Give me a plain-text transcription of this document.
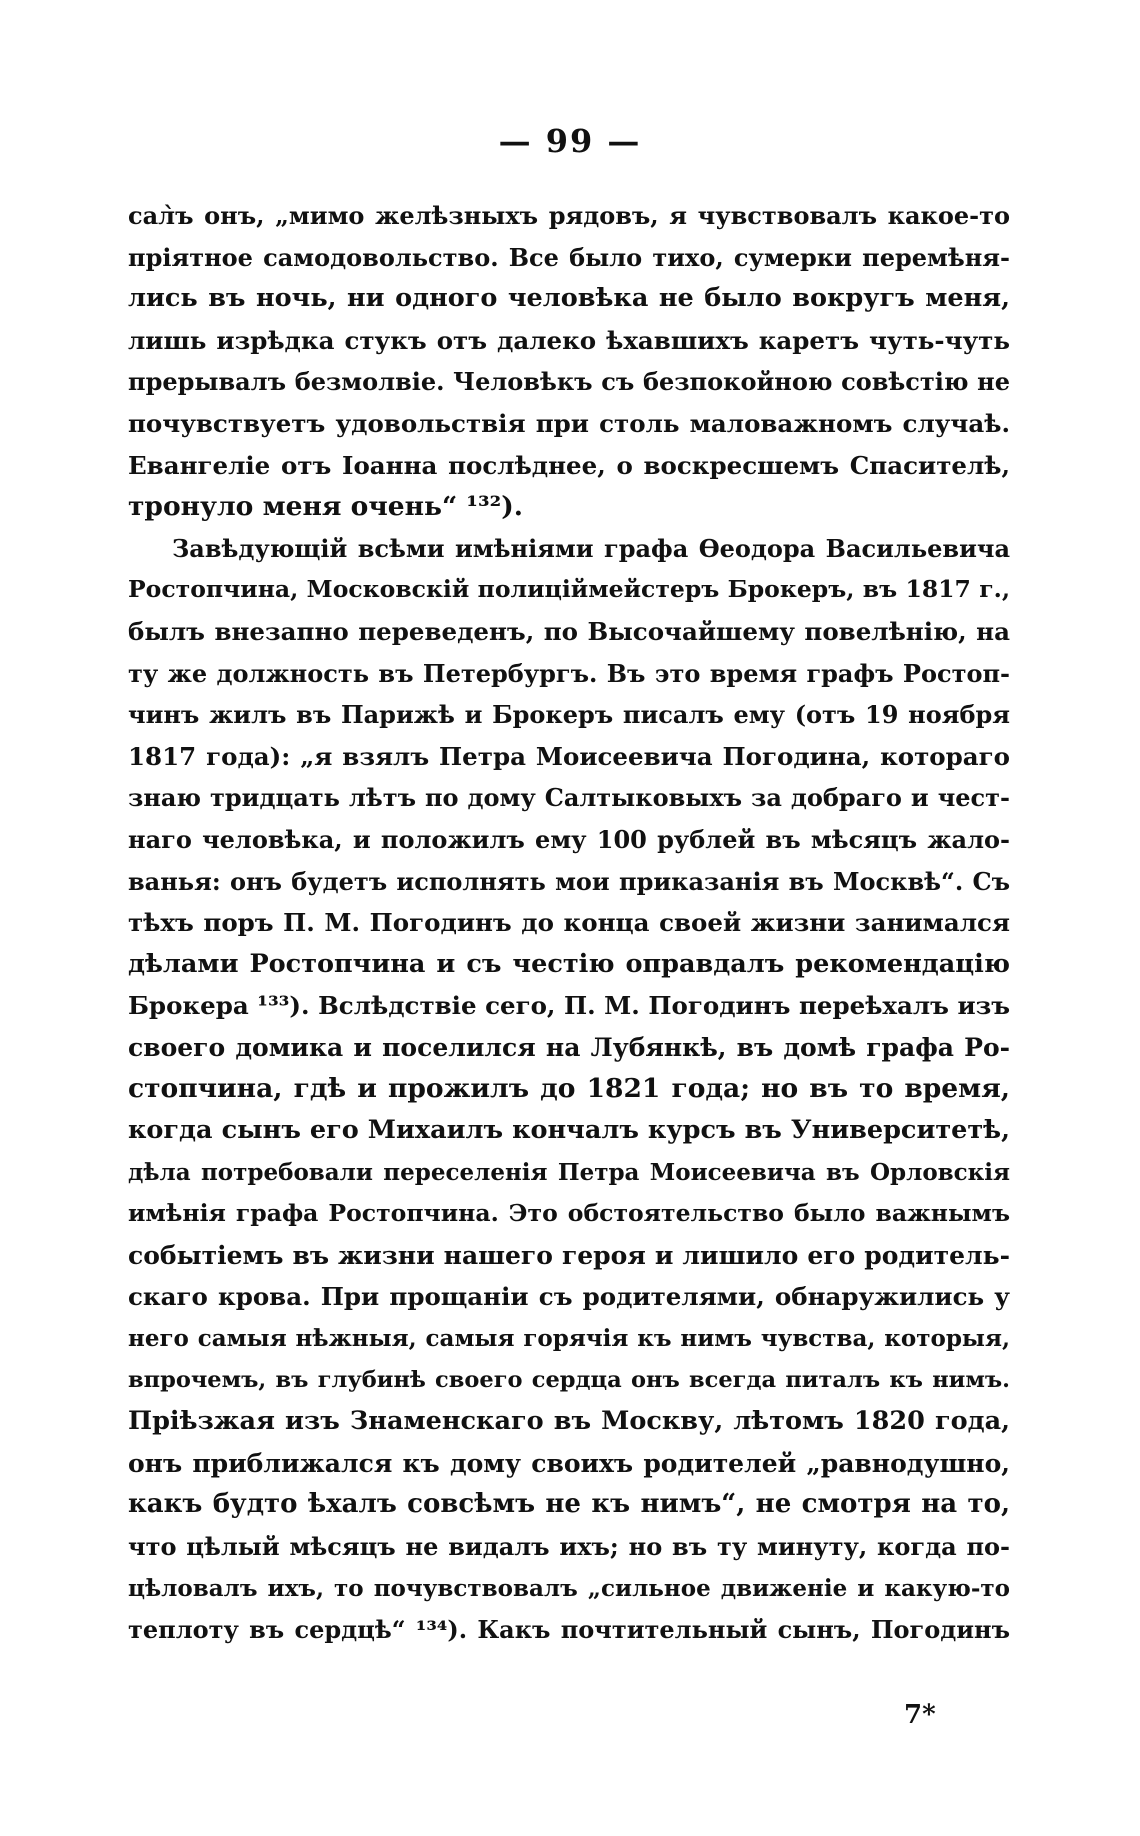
— 99 —
сал̀ъ онъ, „мимо желѣзныхъ рядовъ, я чувствовалъ какое-то
пріятное самодовольство. Все было тихо, сумерки перемѣня-
лись въ ночь, ни одного человѣка не было вокругъ меня,
лишь изрѣдка стукъ отъ далеко ѣхавшихъ каретъ чуть-чуть
прерывалъ безмолвіе. Человѣкъ съ безпокойною совѣстію не
почувствуетъ удовольствія при столь маловажномъ случаѣ.
Евангеліе отъ Іоанна послѣднее, о воскресшемъ Спасителѣ,
тронуло меня очень“ ¹³²).
Завѣдующій всѣми имѣніями графа Ѳеодора Васильевича
Ростопчина, Московскій полиціймейстеръ Брокеръ, въ 1817 г.,
былъ внезапно переведенъ, по Высочайшему повелѣнію, на
ту же должность въ Петербургъ. Въ это время графъ Ростоп-
чинъ жилъ въ Парижѣ и Брокеръ писалъ ему (отъ 19 ноября
1817 года): „я взялъ Петра Моисеевича Погодина, котораго
знаю тридцать лѣтъ по дому Салтыковыхъ за добраго и чест-
наго человѣка, и положилъ ему 100 рублей въ мѣсяцъ жало-
ванья: онъ будетъ исполнять мои приказанія въ Москвѣ“. Съ
тѣхъ поръ П. М. Погодинъ до конца своей жизни занимался
дѣлами Ростопчина и съ честію оправдалъ рекомендацію
Брокера ¹³³). Вслѣдствіе сего, П. М. Погодинъ переѣхалъ изъ
своего домика и поселился на Лубянкѣ, въ домѣ графа Ро-
стопчина, гдѣ и прожилъ до 1821 года; но въ то время,
когда сынъ его Михаилъ кончалъ курсъ въ Университетѣ,
дѣла потребовали переселенія Петра Моисеевича въ Орловскія
имѣнія графа Ростопчина. Это обстоятельство было важнымъ
событіемъ въ жизни нашего героя и лишило его родитель-
скаго крова. При прощаніи съ родителями, обнаружились у
него самыя нѣжныя, самыя горячія къ нимъ чувства, которыя,
впрочемъ, въ глубинѣ своего сердца онъ всегда питалъ къ нимъ.
Пріѣзжая изъ Знаменскаго въ Москву, лѣтомъ 1820 года,
онъ приближался къ дому своихъ родителей „равнодушно,
какъ будто ѣхалъ совсѣмъ не къ нимъ“, не смотря на то,
что цѣлый мѣсяцъ не видалъ ихъ; но въ ту минуту, когда по-
цѣловалъ ихъ, то почувствовалъ „сильное движеніе и какую-то
теплоту въ сердцѣ“ ¹³⁴). Какъ почтительный сынъ, Погодинъ
7*
